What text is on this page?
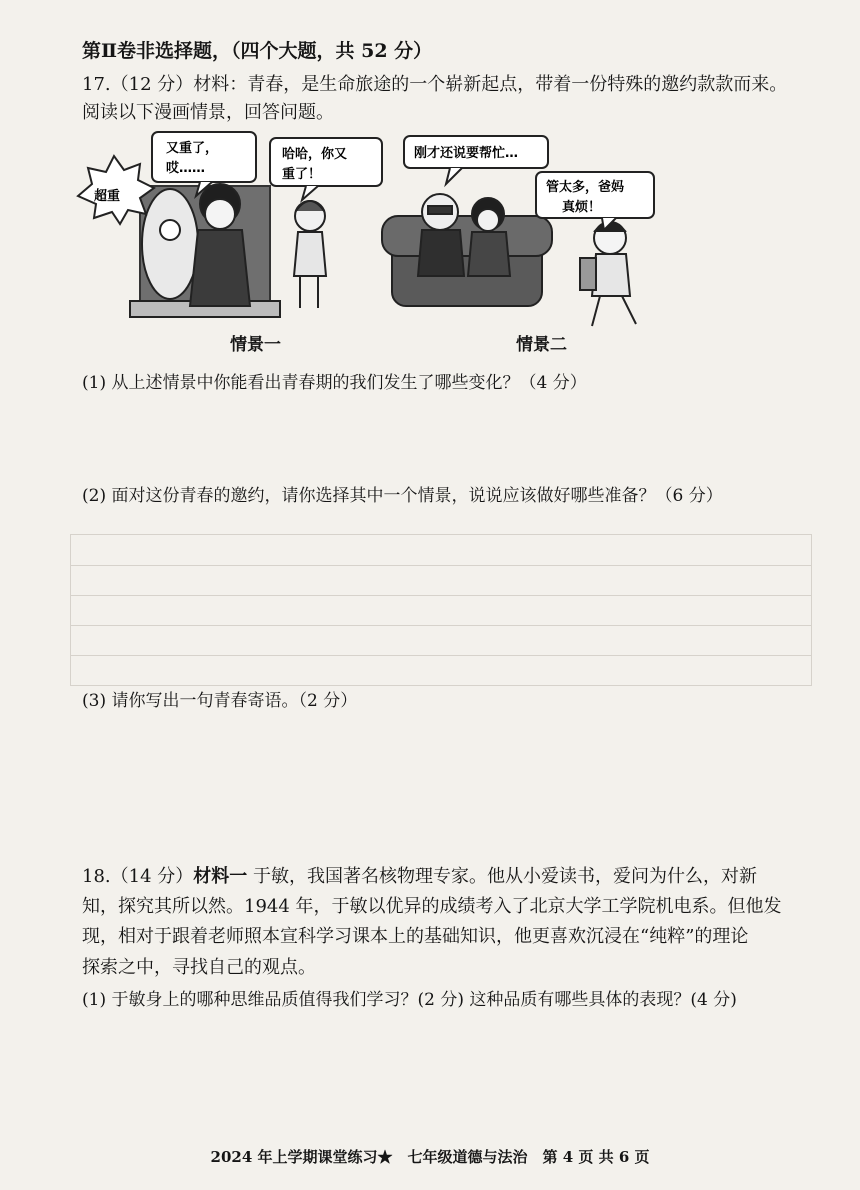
第Ⅱ卷非选择题，（四个大题，共 52 分）
17.（12 分）材料：青春，是生命旅途的一个崭新起点，带着一份特殊的邀约款款而来。
阅读以下漫画情景，回答问题。
超重
又重了，
哎……
哈哈，你又
重了！
刚才还说要帮忙…
管太多，爸妈
真烦！
情景一	情景二
(1) 从上述情景中你能看出青春期的我们发生了哪些变化？（4 分）
(2) 面对这份青春的邀约，请你选择其中一个情景，说说应该做好哪些准备？（6 分）
(3) 请你写出一句青春寄语。（2 分）
18.（14 分）材料一 于敏，我国著名核物理专家。他从小爱读书，爱问为什么，对新
知，探究其所以然。1944 年，于敏以优异的成绩考入了北京大学工学院机电系。但他发
现，相对于跟着老师照本宣科学习课本上的基础知识，他更喜欢沉浸在“纯粹”的理论
探索之中，寻找自己的观点。
(1) 于敏身上的哪种思维品质值得我们学习？(2 分) 这种品质有哪些具体的表现？(4 分)
2024 年上学期课堂练习★　七年级道德与法治　第 4 页 共 6 页
